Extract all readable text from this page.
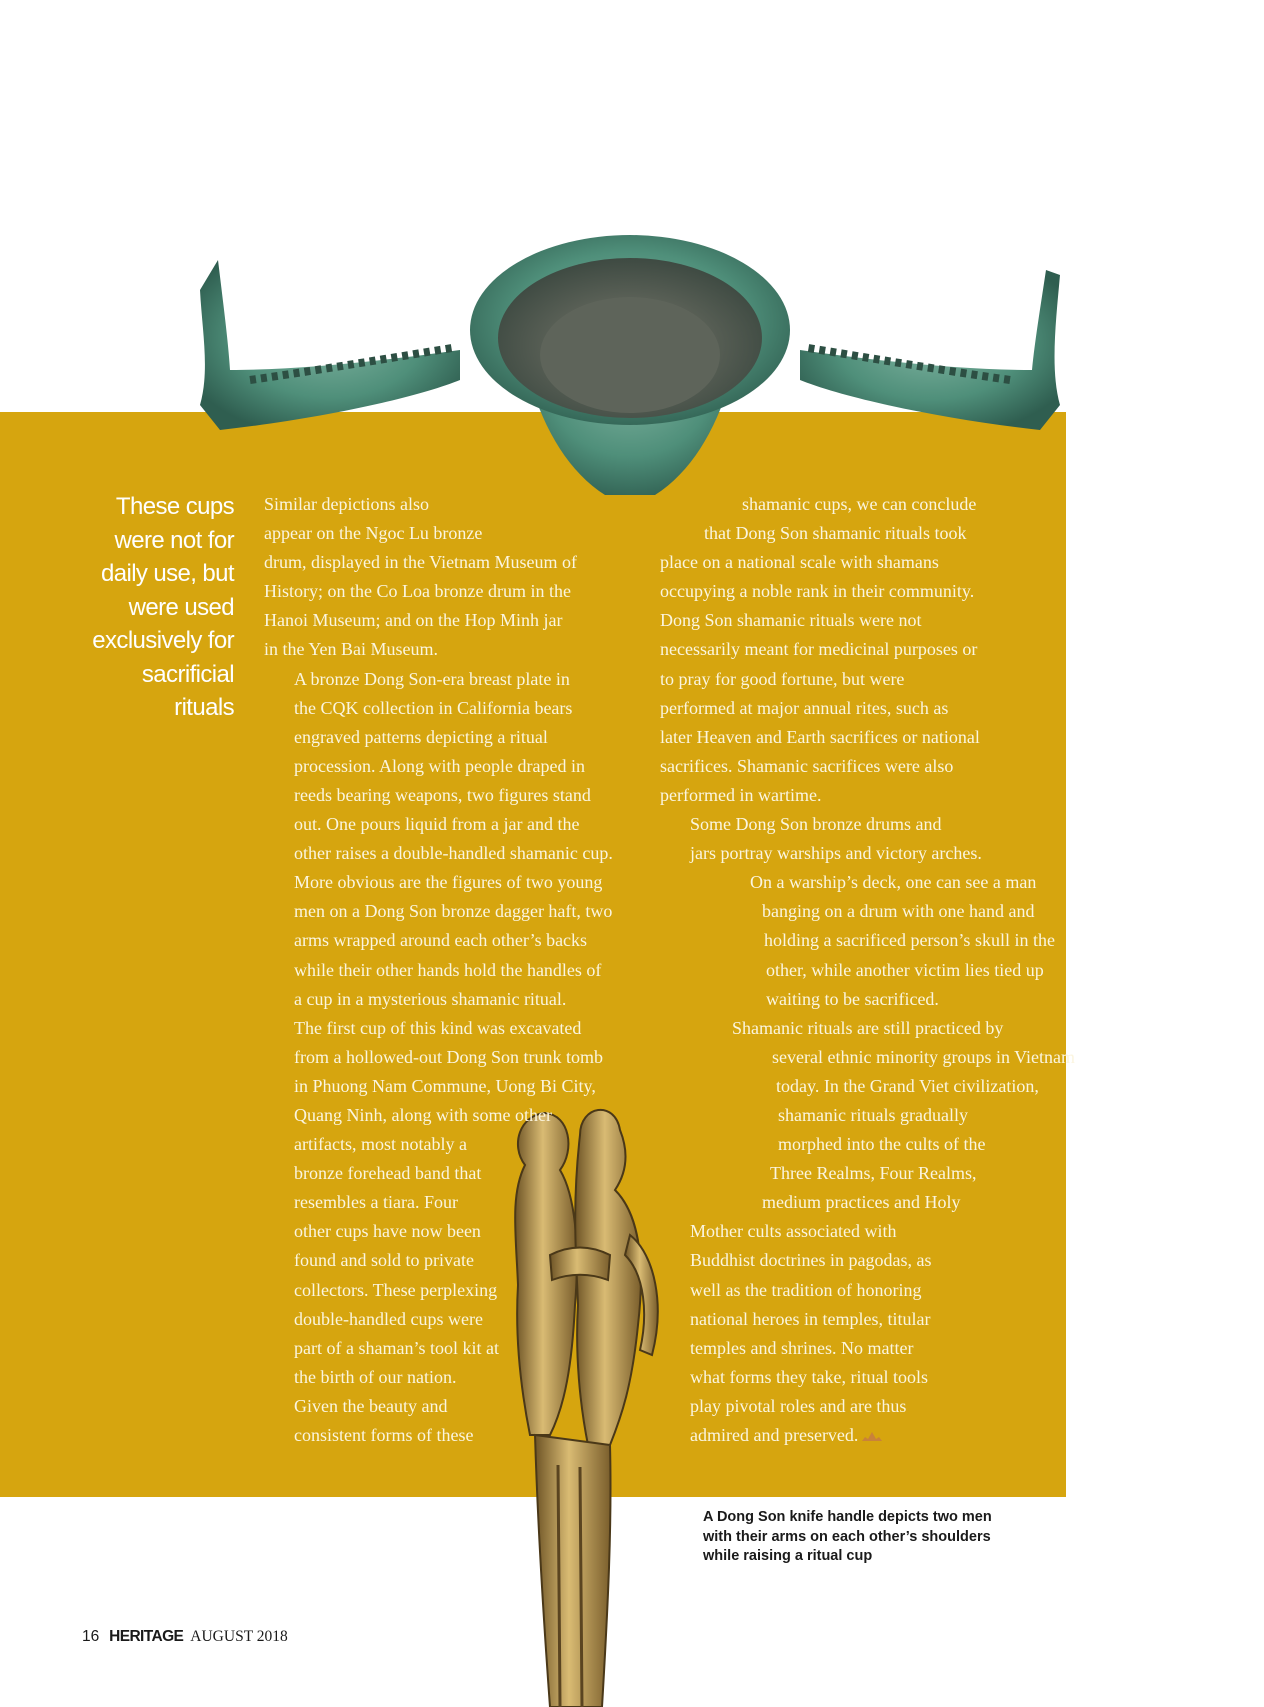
These cups
were not for
daily use, but
were used
exclusively for
sacrificial
rituals

Similar depictions also
appear on the Ngoc Lu bronze
drum, displayed in the Vietnam Museum of
History; on the Co Loa bronze drum in the
Hanoi Museum; and on the Hop Minh jar
in the Yen Bai Museum.

A bronze Dong Son-era breast plate in
the CQK collection in California bears
engraved patterns depicting a ritual
procession. Along with people draped in
reeds bearing weapons, two figures stand
out. One pours liquid from a jar and the
other raises a double-handled shamanic cup.
More obvious are the figures of two young
men on a Dong Son bronze dagger haft, two
arms wrapped around each other’s backs
while their other hands hold the handles of
a cup in a mysterious shamanic ritual.

The first cup of this kind was excavated
from a hollowed-out Dong Son trunk tomb
in Phuong Nam Commune, Uong Bi City,
Quang Ninh, along with some other
artifacts, most notably a
bronze forehead band that
resembles a tiara. Four
other cups have now been
found and sold to private
collectors. These perplexing
double-handled cups were
part of a shaman’s tool kit at
the birth of our nation.

Given the beauty and
consistent forms of these

shamanic cups, we can conclude
that Dong Son shamanic rituals took
place on a national scale with shamans
occupying a noble rank in their community.
Dong Son shamanic rituals were not
necessarily meant for medicinal purposes or
to pray for good fortune, but were
performed at major annual rites, such as
later Heaven and Earth sacrifices or national
sacrifices. Shamanic sacrifices were also
performed in wartime.

Some Dong Son bronze drums and
jars portray warships and victory arches.
On a warship’s deck, one can see a man
banging on a drum with one hand and
holding a sacrificed person’s skull in the
other, while another victim lies tied up
waiting to be sacrificed.

Shamanic rituals are still practiced by
several ethnic minority groups in Vietnam
today. In the Grand Viet civilization,
shamanic rituals gradually
morphed into the cults of the
Three Realms, Four Realms,
medium practices and Holy
Mother cults associated with
Buddhist doctrines in pagodas, as
well as the tradition of honoring
national heroes in temples, titular
temples and shrines. No matter
what forms they take, ritual tools
play pivotal roles and are thus
admired and preserved.

A Dong Son knife handle depicts two men
with their arms on each other’s shoulders
while raising a ritual cup
16 HERITAGE AUGUST 2018
